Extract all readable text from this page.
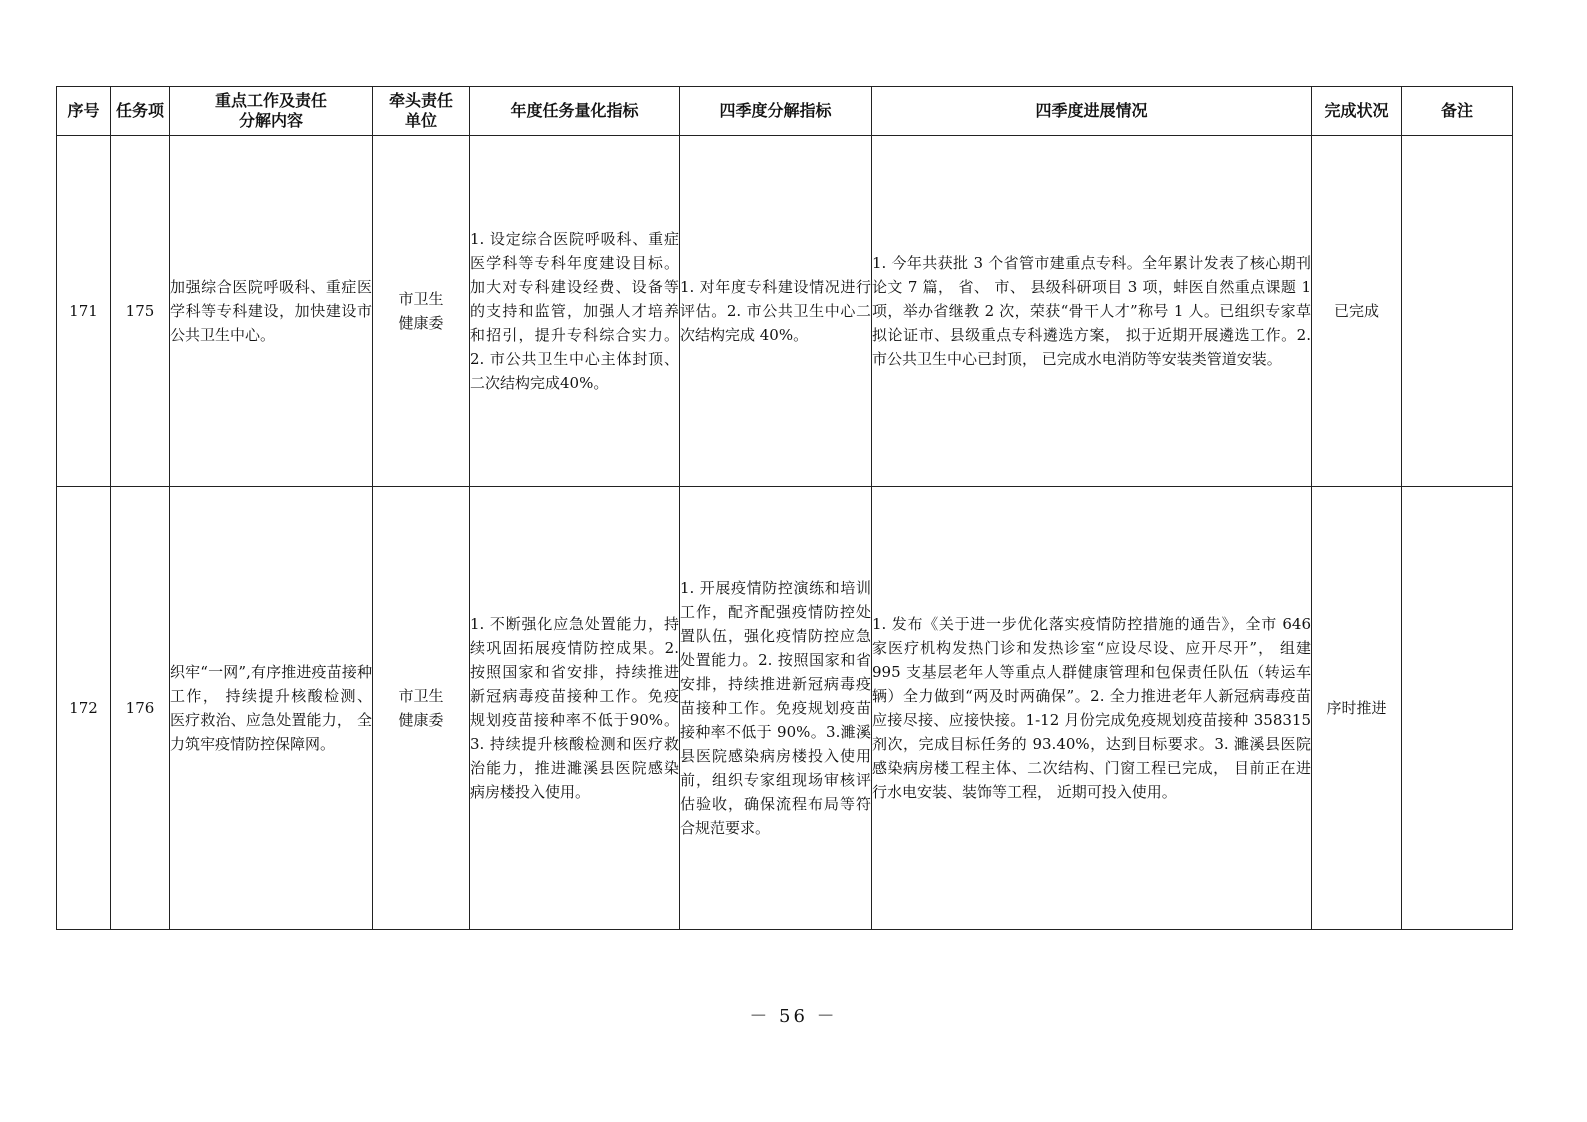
序号	任务项	重点工作及责任
分解内容	牵头责任
单位	年度任务量化指标	四季度分解指标	四季度进展情况	完成状况	备注
171	175	加强综合医院呼吸科、重症医学科等专科建设，加快建设市公共卫生中心。	市卫生
健康委	1. 设定综合医院呼吸科、重症医学科等专科年度建设目标。加大对专科建设经费、设备等的支持和监管，加强人才培养和招引，提升专科综合实力。 2. 市公共卫生中心主体封顶、二次结构完成40%。	1. 对年度专科建设情况进行评估。2. 市公共卫生中心二次结构完成 40%。	1. 今年共获批 3 个省管市建重点专科。全年累计发表了核心期刊论文 7 篇， 省、 市、 县级科研项目 3 项，蚌医自然重点课题 1 项，举办省继教 2 次，荣获“骨干人才”称号 1 人。已组织专家草拟论证市、县级重点专科遴选方案， 拟于近期开展遴选工作。2.市公共卫生中心已封顶， 已完成水电消防等安装类管道安装。	已完成	
172	176	织牢“一网”,有序推进疫苗接种工作， 持续提升核酸检测、 医疗救治、应急处置能力， 全力筑牢疫情防控保障网。	市卫生
健康委	1. 不断强化应急处置能力，持续巩固拓展疫情防控成果。2. 按照国家和省安排，持续推进新冠病毒疫苗接种工作。免疫规划疫苗接种率不低于90%。3. 持续提升核酸检测和医疗救治能力，推进濉溪县医院感染病房楼投入使用。	1. 开展疫情防控演练和培训工作，配齐配强疫情防控处置队伍，强化疫情防控应急处置能力。2. 按照国家和省安排，持续推进新冠病毒疫苗接种工作。免疫规划疫苗接种率不低于 90%。3.濉溪县医院感染病房楼投入使用前，组织专家组现场审核评估验收，确保流程布局等符合规范要求。	1. 发布《关于进一步优化落实疫情防控措施的通告》，全市 646 家医疗机构发热门诊和发热诊室“应设尽设、应开尽开”， 组建 995 支基层老年人等重点人群健康管理和包保责任队伍（转运车辆）全力做到“两及时两确保”。2. 全力推进老年人新冠病毒疫苗应接尽接、应接快接。1-12 月份完成免疫规划疫苗接种 358315 剂次，完成目标任务的 93.40%，达到目标要求。3. 濉溪县医院感染病房楼工程主体、二次结构、门窗工程已完成， 目前正在进行水电安装、装饰等工程， 近期可投入使用。	序时推进	
－ 56 －
